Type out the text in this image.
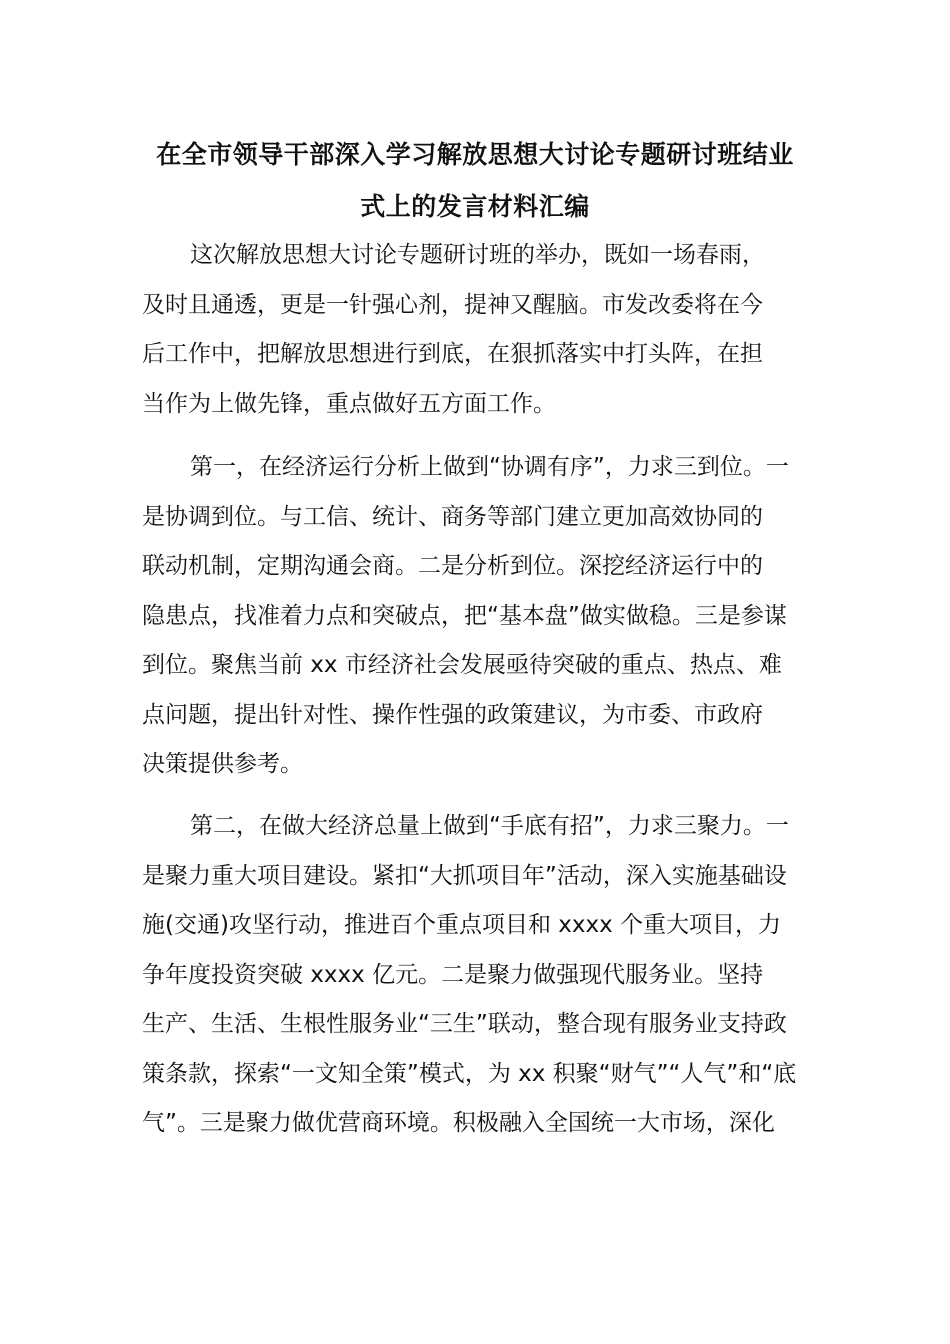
在全市领导干部深入学习解放思想大讨论专题研讨班结业
式上的发言材料汇编

这次解放思想大讨论专题研讨班的举办，既如一场春雨，
及时且通透，更是一针强心剂，提神又醒脑。市发改委将在今
后工作中，把解放思想进行到底，在狠抓落实中打头阵，在担
当作为上做先锋，重点做好五方面工作。

第一，在经济运行分析上做到“协调有序”，力求三到位。一
是协调到位。与工信、统计、商务等部门建立更加高效协同的
联动机制，定期沟通会商。二是分析到位。深挖经济运行中的
隐患点，找准着力点和突破点，把“基本盘”做实做稳。三是参谋
到位。聚焦当前 xx 市经济社会发展亟待突破的重点、热点、难
点问题，提出针对性、操作性强的政策建议，为市委、市政府
决策提供参考。

第二，在做大经济总量上做到“手底有招”，力求三聚力。一
是聚力重大项目建设。紧扣“大抓项目年”活动，深入实施基础设
施(交通)攻坚行动，推进百个重点项目和 xxxx 个重大项目，力
争年度投资突破 xxxx 亿元。二是聚力做强现代服务业。坚持
生产、生活、生根性服务业“三生”联动，整合现有服务业支持政
策条款，探索“一文知全策”模式，为 xx 积聚“财气”“人气”和“底
气”。三是聚力做优营商环境。积极融入全国统一大市场，深化
